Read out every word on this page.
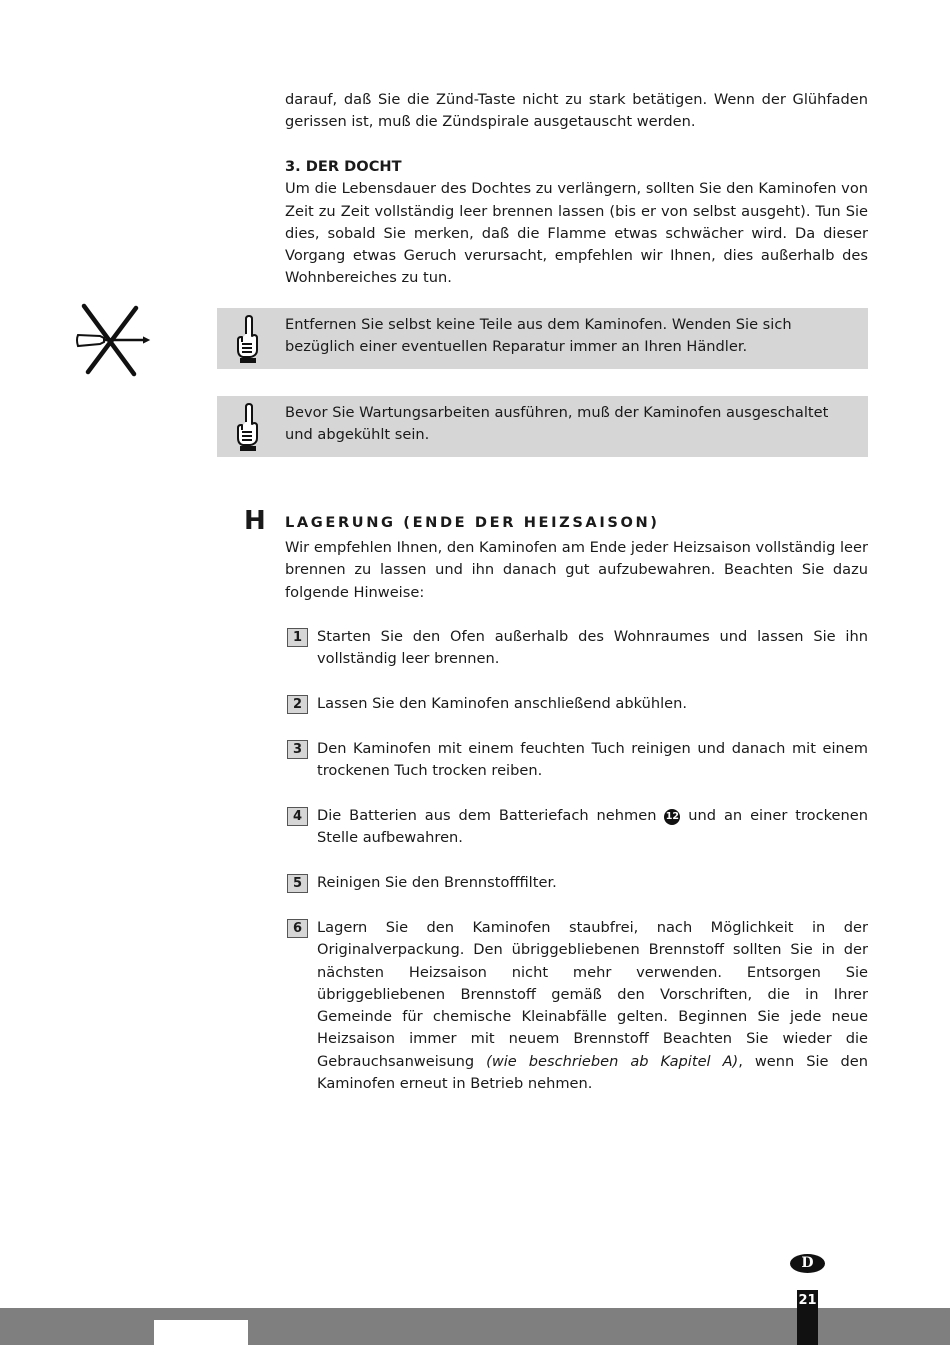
darauf, daß Sie die Zünd-Taste nicht zu stark betätigen. Wenn der Glühfaden gerissen ist, muß die Zündspirale ausgetauscht werden.

3. DER DOCHT

Um die Lebensdauer des Dochtes zu verlängern, sollten Sie den Kaminofen von Zeit zu Zeit vollständig leer brennen lassen (bis er von selbst ausgeht). Tun Sie dies, sobald Sie merken, daß die Flamme etwas schwächer wird. Da dieser Vorgang etwas Geruch verursacht, empfehlen wir Ihnen, dies außerhalb des Wohnbereiches zu tun.

Entfernen Sie selbst keine Teile aus dem Kaminofen. Wenden Sie sich bezüglich einer eventuellen Reparatur immer an Ihren Händler.
Bevor Sie Wartungsarbeiten ausführen, muß der Kaminofen ausgeschaltet und abgekühlt sein.
H LAGERUNG (ENDE DER HEIZSAISON)

Wir empfehlen Ihnen, den Kaminofen am Ende jeder Heizsaison vollständig leer brennen zu lassen und ihn danach gut aufzubewahren. Beachten Sie dazu folgende Hinweise:

1	Starten Sie den Ofen außerhalb des Wohnraumes und lassen Sie ihn vollständig leer brennen.
2	Lassen Sie den Kaminofen anschließend abkühlen.
3	Den Kaminofen mit einem feuchten Tuch reinigen und danach mit einem trockenen Tuch trocken reiben.
4	Die Batterien aus dem Batteriefach nehmen 12 und an einer trockenen Stelle aufbewahren.
5	Reinigen Sie den Brennstofffilter.
6	Lagern Sie den Kaminofen staubfrei, nach Möglichkeit in der Originalverpackung. Den übriggebliebenen Brennstoff sollten Sie in der nächsten Heizsaison nicht mehr verwenden. Entsorgen Sie übriggebliebenen Brennstoff gemäß den Vorschriften, die in Ihrer Gemeinde für chemische Kleinabfälle gelten. Beginnen Sie jede neue Heizsaison immer mit neuem Brennstoff Beachten Sie wieder die Gebrauchsanweisung (wie beschrieben ab Kapitel A), wenn Sie den Kaminofen erneut in Betrieb nehmen.
D
21
